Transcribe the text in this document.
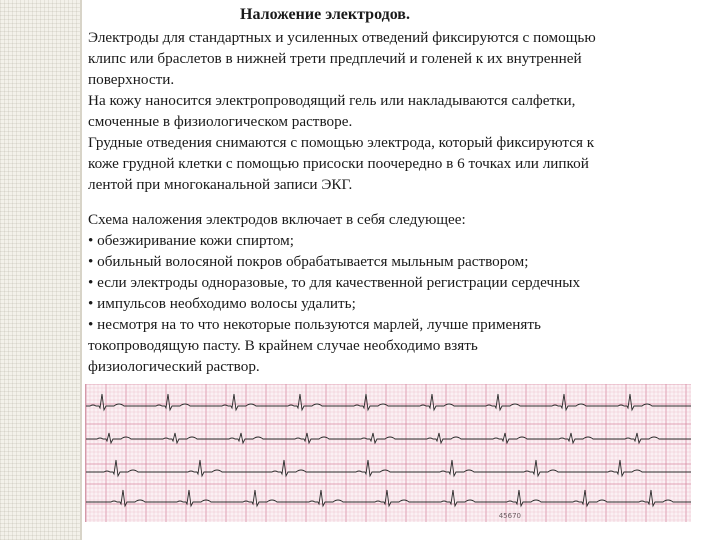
Наложение электродов.
Электроды для стандартных и усиленных отведений фиксируются с помощью
клипс или браслетов в нижней трети предплечий и голеней к их внутренней
поверхности.
На кожу наносится электропроводящий гель или накладываются салфетки,
смоченные в физиологическом растворе.
Грудные отведения снимаются с помощью электрода, который фиксируются к
коже грудной клетки с помощью присоски поочередно в 6 точках или липкой
лентой при многоканальной записи ЭКГ.
Схема наложения электродов включает в себя следующее:
• обезжиривание кожи спиртом;
• обильный волосяной покров обрабатывается мыльным раствором;
• если электроды одноразовые, то для качественной регистрации сердечных
• импульсов необходимо волосы удалить;
• несмотря на то что некоторые пользуются марлей, лучше применять
токопроводящую пасту. В крайнем случае необходимо взять
физиологический раствор.
45670
